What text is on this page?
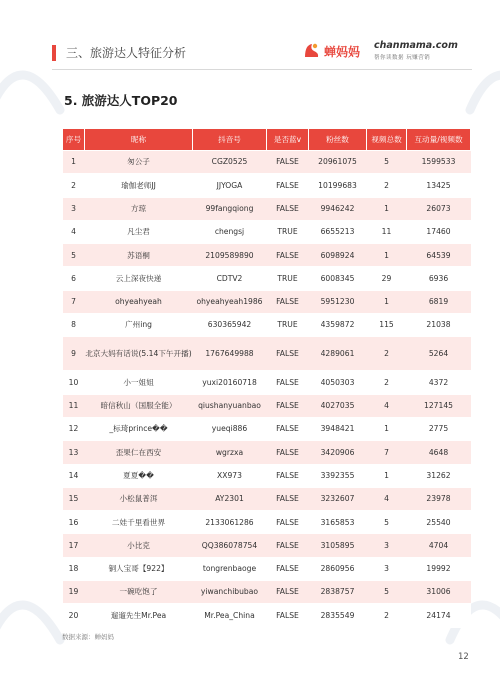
三、旅游达人特征分析	蝉妈妈 chanmama.com
帮你读数据 玩赚营销
5. 旅游达人TOP20
序号	昵称	抖音号	是否蓝v	粉丝数	视频总数	互动量/视频数
1	匆公子	CGZ0525	FALSE	20961075	5	1599533
2	瑜伽老师JJ	JJYOGA	FALSE	10199683	2	13425
3	方琼	99fangqiong	FALSE	9946242	1	26073
4	凡尘君	chengsj	TRUE	6655213	11	17460
5	苏语桐	2109589890	FALSE	6098924	1	64539
6	云上深夜快递	CDTV2	TRUE	6008345	29	6936
7	ohyeahyeah	ohyeahyeah1986	FALSE	5951230	1	6819
8	广州ing	630365942	TRUE	4359872	115	21038
9	北京大妈有话说(5.14下午开播)	1767649988	FALSE	4289061	2	5264
10	小一姐姐	yuxi20160718	FALSE	4050303	2	4372
11	暗信秋山（国服全能）	qiushanyuanbao	FALSE	4027035	4	127145
12	_标琦prince��	yueqi886	FALSE	3948421	1	2775
13	歪果仁在西安	wgrzxa	FALSE	3420906	7	4648
14	夏夏��	XX973	FALSE	3392355	1	31262
15	小松鼠普洱	AY2301	FALSE	3232607	4	23978
16	二娃千里看世界	2133061286	FALSE	3165853	5	25540
17	小比克	QQ386078754	FALSE	3105895	3	4704
18	铜人宝哥【922】	tongrenbaoge	FALSE	2860956	3	19992
19	一碗吃饱了	yiwanchibubao	FALSE	2838757	5	31006
20	遛遛先生Mr.Pea	Mr.Pea_China	FALSE	2835549	2	24174
数据来源：蝉妈妈
12
